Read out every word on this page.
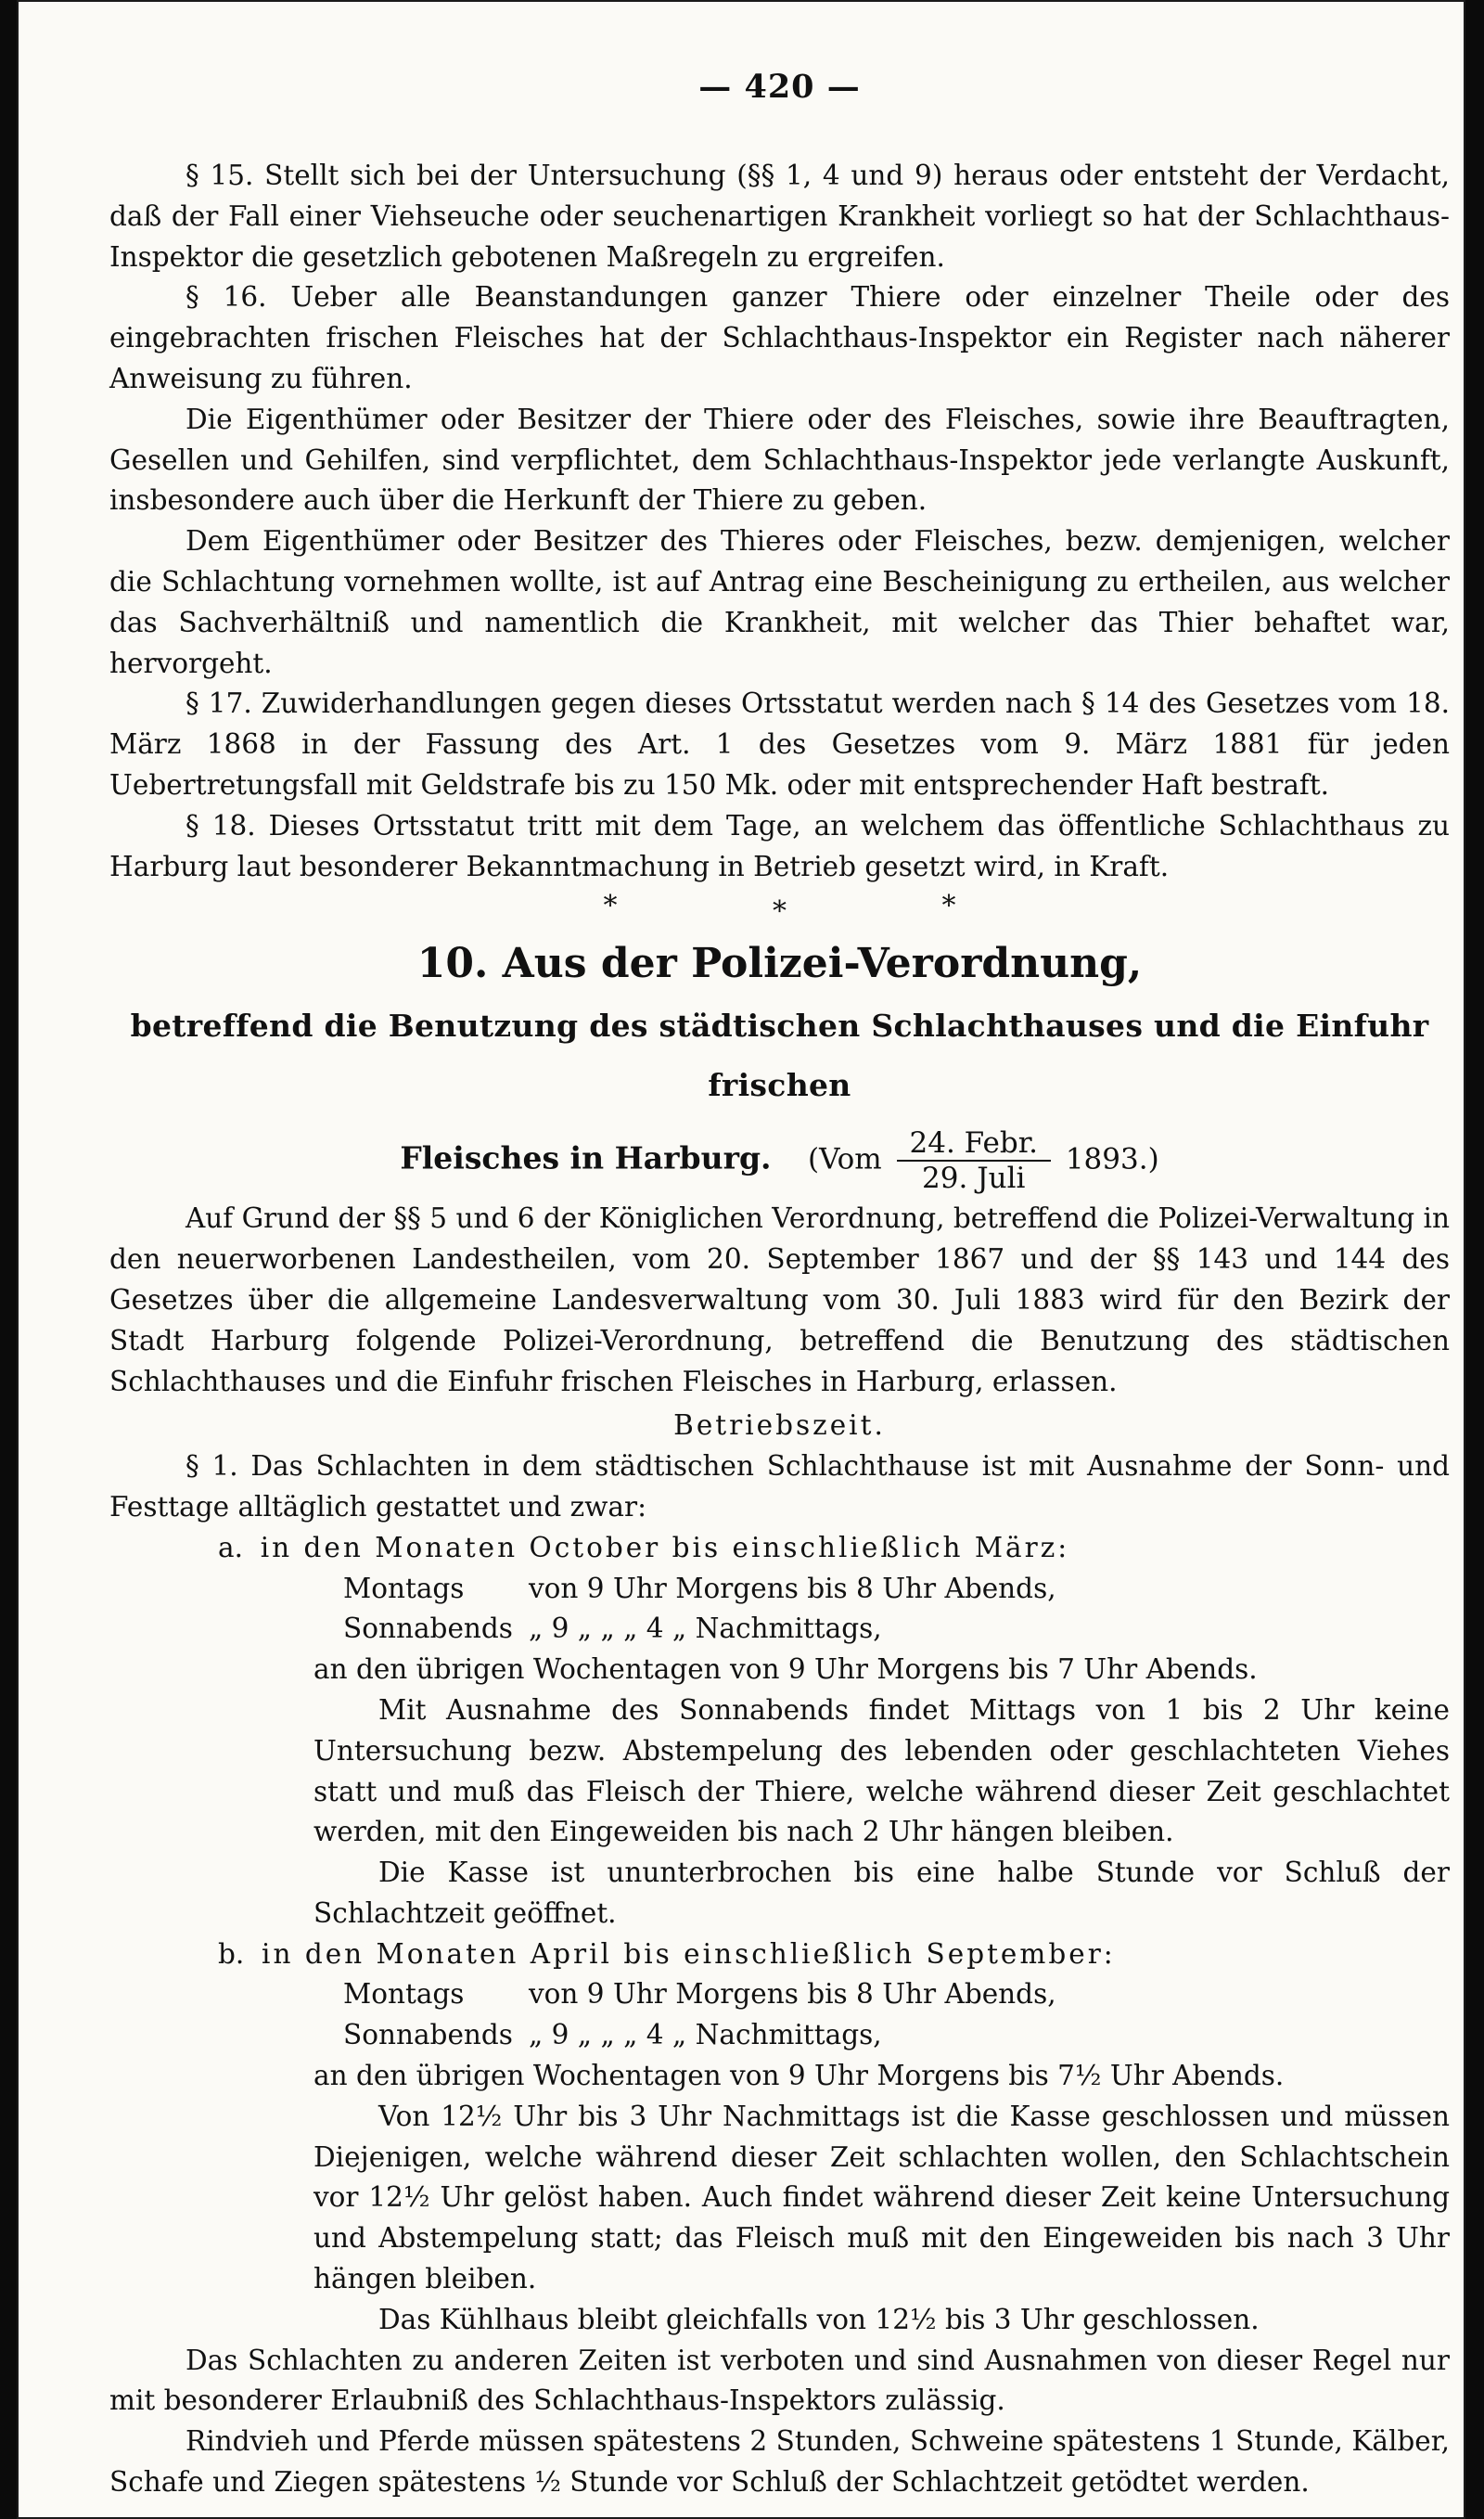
— 420 —

§ 15. Stellt sich bei der Untersuchung (§§ 1, 4 und 9) heraus oder entsteht der Verdacht, daß der Fall einer Viehseuche oder seuchenartigen Krankheit vorliegt so hat der Schlachthaus-Inspektor die gesetzlich gebotenen Maßregeln zu ergreifen.

§ 16. Ueber alle Beanstandungen ganzer Thiere oder einzelner Theile oder des eingebrachten frischen Fleisches hat der Schlachthaus-Inspektor ein Register nach näherer Anweisung zu führen.

Die Eigenthümer oder Besitzer der Thiere oder des Fleisches, sowie ihre Beauftragten, Gesellen und Gehilfen, sind verpflichtet, dem Schlachthaus-Inspektor jede verlangte Auskunft, insbesondere auch über die Herkunft der Thiere zu geben.

Dem Eigenthümer oder Besitzer des Thieres oder Fleisches, bezw. demjenigen, welcher die Schlachtung vornehmen wollte, ist auf Antrag eine Bescheinigung zu ertheilen, aus welcher das Sachverhältniß und namentlich die Krankheit, mit welcher das Thier behaftet war, hervorgeht.

§ 17. Zuwiderhandlungen gegen dieses Ortsstatut werden nach § 14 des Gesetzes vom 18. März 1868 in der Fassung des Art. 1 des Gesetzes vom 9. März 1881 für jeden Uebertretungsfall mit Geldstrafe bis zu 150 Mk. oder mit entsprechender Haft bestraft.

§ 18. Dieses Ortsstatut tritt mit dem Tage, an welchem das öffentliche Schlachthaus zu Harburg laut besonderer Bekanntmachung in Betrieb gesetzt wird, in Kraft.

*	*	*
10. Aus der Polizei-Verordnung,
betreffend die Benutzung des städtischen Schlachthauses und die Einfuhr frischen
Fleisches in Harburg. $(Vom \frac{\text{24. Febr.}}{\text{29. Juli}} 1893.)$

Auf Grund der §§ 5 und 6 der Königlichen Verordnung, betreffend die Polizei-Verwaltung in den neuerworbenen Landestheilen, vom 20. September 1867 und der §§ 143 und 144 des Gesetzes über die allgemeine Landesverwaltung vom 30. Juli 1883 wird für den Bezirk der Stadt Harburg folgende Polizei-Verordnung, betreffend die Benutzung des städtischen Schlachthauses und die Einfuhr frischen Fleisches in Harburg, erlassen.

Betriebszeit.

§ 1. Das Schlachten in dem städtischen Schlachthause ist mit Ausnahme der Sonn- und Festtage alltäglich gestattet und zwar:

a. in den Monaten October bis einschließlich März:
Montags	von 9 Uhr Morgens bis 8 Uhr Abends,
Sonnabends „ 9 „ „ „ 4 „ Nachmittags,

an den übrigen Wochentagen von 9 Uhr Morgens bis 7 Uhr Abends.

Mit Ausnahme des Sonnabends findet Mittags von 1 bis 2 Uhr keine Untersuchung bezw. Abstempelung des lebenden oder geschlachteten Viehes statt und muß das Fleisch der Thiere, welche während dieser Zeit geschlachtet werden, mit den Eingeweiden bis nach 2 Uhr hängen bleiben.

Die Kasse ist ununterbrochen bis eine halbe Stunde vor Schluß der Schlachtzeit geöffnet.

b. in den Monaten April bis einschließlich September:
Montags	von 9 Uhr Morgens bis 8 Uhr Abends,
Sonnabends „ 9 „ „ „ 4 „ Nachmittags,

an den übrigen Wochentagen von 9 Uhr Morgens bis 7½ Uhr Abends.

Von 12½ Uhr bis 3 Uhr Nachmittags ist die Kasse geschlossen und müssen Diejenigen, welche während dieser Zeit schlachten wollen, den Schlachtschein vor 12½ Uhr gelöst haben. Auch findet während dieser Zeit keine Untersuchung und Abstempelung statt; das Fleisch muß mit den Eingeweiden bis nach 3 Uhr hängen bleiben.

Das Kühlhaus bleibt gleichfalls von 12½ bis 3 Uhr geschlossen.

Das Schlachten zu anderen Zeiten ist verboten und sind Ausnahmen von dieser Regel nur mit besonderer Erlaubniß des Schlachthaus-Inspektors zulässig.

Rindvieh und Pferde müssen spätestens 2 Stunden, Schweine spätestens 1 Stunde, Kälber, Schafe und Ziegen spätestens ½ Stunde vor Schluß der Schlachtzeit getödtet werden.
